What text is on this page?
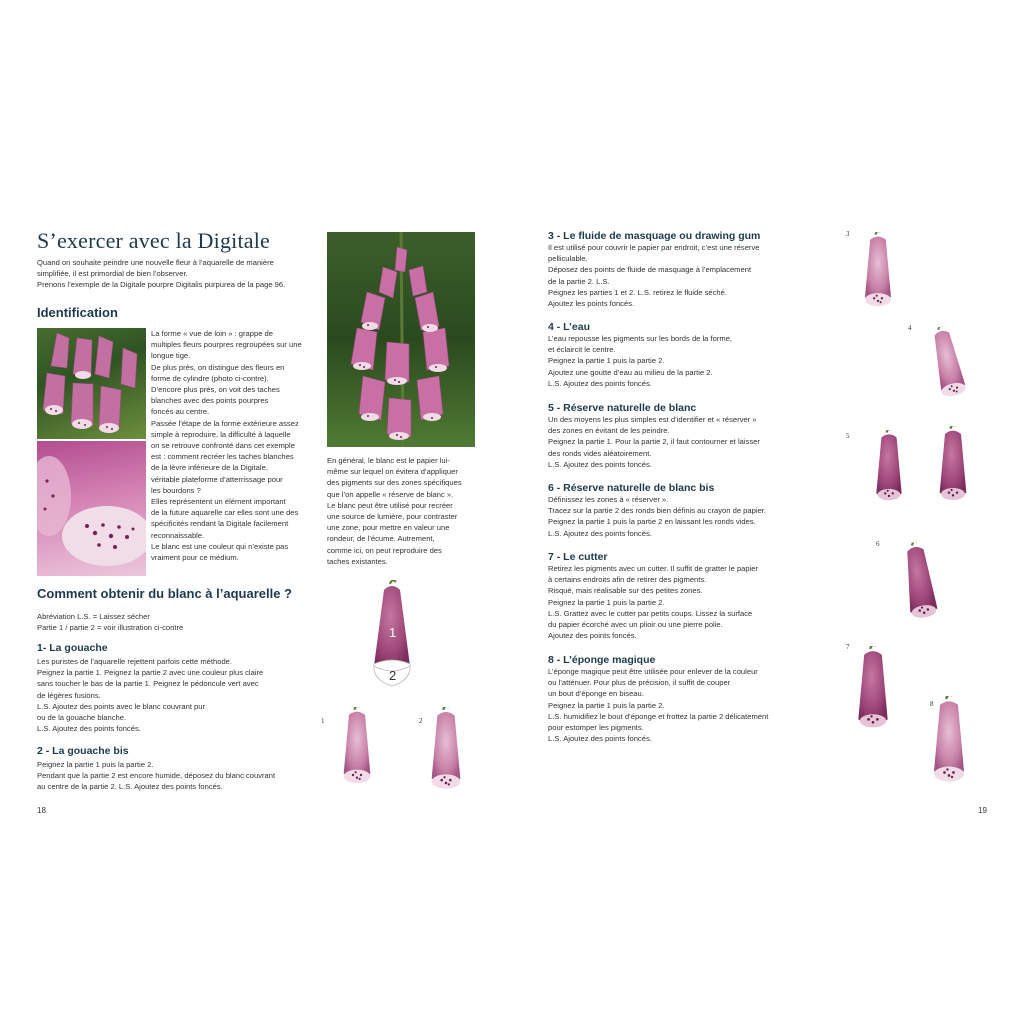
S’exercer avec la Digitale
Quand on souhaite peindre une nouvelle fleur à l’aquarelle de manière
simplifiée, il est primordial de bien l’observer.
Prenons l’exemple de la Digitale pourpre Digitalis purpurea de la page 96.
Identification
La forme « vue de loin » : grappe de
multiples fleurs pourpres regroupées sur une
longue tige.
De plus près, on distingue des fleurs en
forme de cylindre (photo ci-contre).
D’encore plus près, on voit des taches
blanches avec des points pourpres
foncés au centre.
Passée l’étape de la forme extérieure assez
simple à reproduire, la difficulté à laquelle
on se retrouve confronté dans cet exemple
est : comment recréer les taches blanches
de la lèvre inférieure de la Digitale,
véritable plateforme d’atterrissage pour
les bourdons ?
Elles représentent un élément important
de la future aquarelle car elles sont une des
spécificités rendant la Digitale facilement
reconnaissable.
Le blanc est une couleur qui n’existe pas
vraiment pour ce médium.
En général, le blanc est le papier lui-
même sur lequel on évitera d’appliquer
des pigments sur des zones spécifiques
que l’on appelle « réserve de blanc ».
Le blanc peut être utilisé pour recréer
une source de lumière, pour contraster
une zone, pour mettre en valeur une
rondeur, de l’écume. Autrement,
comme ici, on peut reproduire des
taches existantes.
Comment obtenir du blanc à l’aquarelle ?
Abréviation L.S. = Laissez sécher
Partie 1 / partie 2 = voir illustration ci-contre
1- La gouache
Les puristes de l’aquarelle rejettent parfois cette méthode.
Peignez la partie 1. Peignez la partie 2 avec une couleur plus claire
sans toucher le bas de la partie 1. Peignez le pédoncule vert avec
de légères fusions.
L.S. Ajoutez des points avec le blanc couvrant pur
ou de la gouache blanche.
L.S. Ajoutez des points foncés.
2 - La gouache bis
Peignez la partie 1 puis la partie 2.
Pendant que la partie 2 est encore humide, déposez du blanc couvrant
au centre de la partie 2. L.S. Ajoutez des points foncés.
1
2
1	2
18
3 - Le fluide de masquage ou drawing gum
Il est utilisé pour couvrir le papier par endroit, c’est une réserve
pelliculable.
Déposez des points de fluide de masquage à l’emplacement
de la partie 2. L.S.
Peignez les parties 1 et 2. L.S. retirez le fluide séché.
Ajoutez les points foncés.
4 - L’eau
L’eau repousse les pigments sur les bords de la forme,
et éclaircit le centre.
Peignez la partie 1 puis la partie 2.
Ajoutez une goutte d’eau au milieu de la partie 2.
L.S. Ajoutez des points foncés.
5 - Réserve naturelle de blanc
Un des moyens les plus simples est d’identifier et « réserver »
des zones en évitant de les peindre.
Peignez la partie 1. Pour la partie 2, il faut contourner et laisser
des ronds vides aléatoirement.
L.S. Ajoutez des points foncés.
6 - Réserve naturelle de blanc bis
Définissez les zones à « réserver ».
Tracez sur la partie 2 des ronds bien définis au crayon de papier.
Peignez la partie 1 puis la partie 2 en laissant les ronds vides.
L.S. Ajoutez des points foncés.
7 - Le cutter
Retirez les pigments avec un cutter. Il suffit de gratter le papier
à certains endroits afin de retirer des pigments.
Risqué, mais réalisable sur des petites zones.
Peignez la partie 1 puis la partie 2.
L.S. Grattez avec le cutter par petits coups. Lissez la surface
du papier écorché avec un plioir ou une pierre polie.
Ajoutez des points foncés.
8 - L’éponge magique
L’éponge magique peut être utilisée pour enlever de la couleur
ou l’atténuer. Pour plus de précision, il suffit de couper
un bout d’éponge en biseau.
Peignez la partie 1 puis la partie 2.
L.S. humidifiez le bout d’éponge et frottez la partie 2 délicatement
pour estomper les pigments.
L.S. Ajoutez des points foncés.
3
4
5
6
7
8
19
